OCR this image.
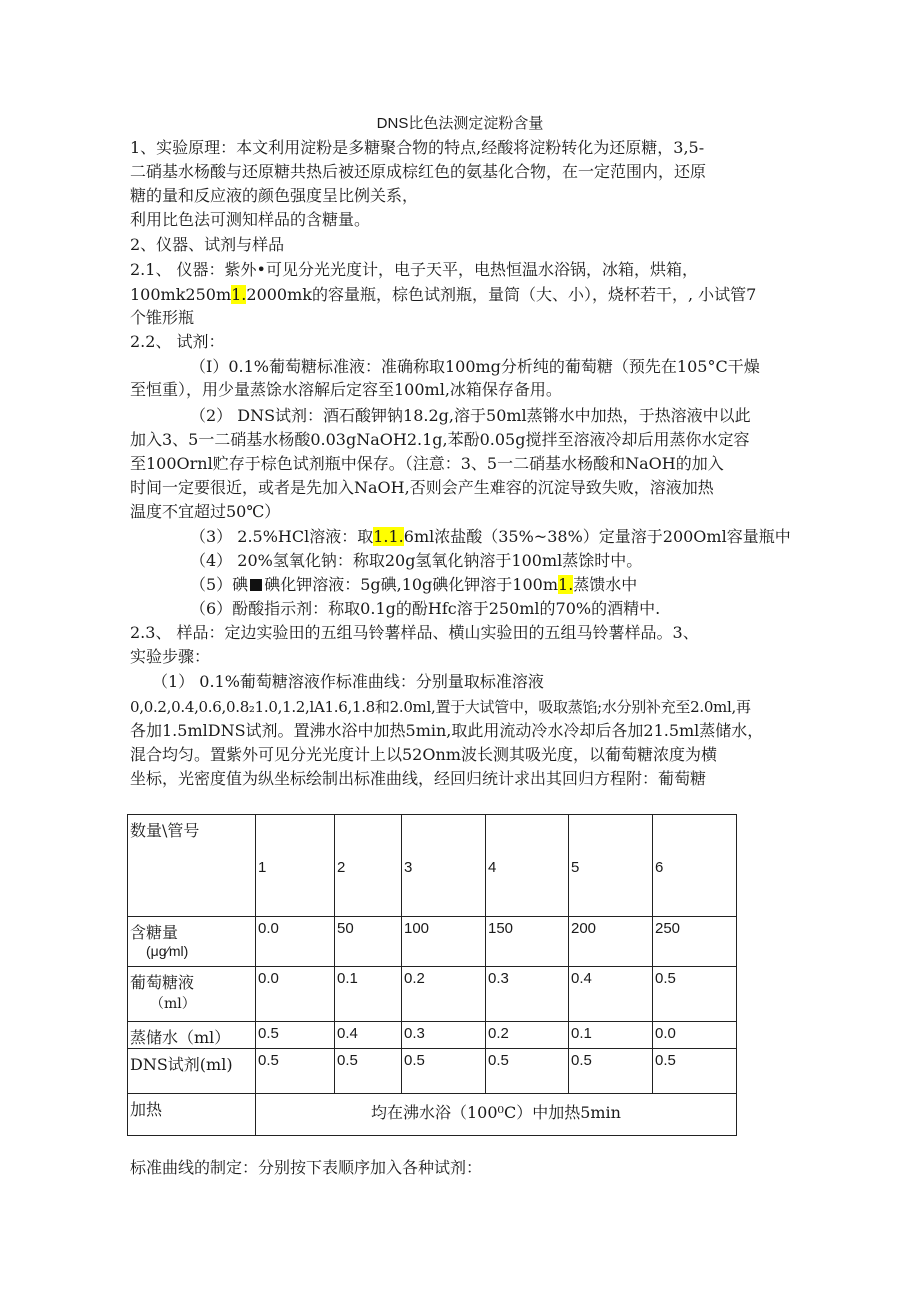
DNS比色法测定淀粉含量
1、实验原理：本文利用淀粉是多糖聚合物的特点,经酸将淀粉转化为还原糖，3,5-
二硝基水杨酸与还原糖共热后被还原成棕红色的氨基化合物，在一定范围内，还原
糖的量和反应液的颜色强度呈比例关系，
利用比色法可测知样品的含糖量。
2、仪器、试剂与样品
2.1、 仪器：紫外•可见分光光度计，电子天平，电热恒温水浴锅，冰箱，烘箱，
100mk250m1.2000mk的容量瓶，棕色试剂瓶，量筒（大、小），烧杯若干，, 小试管7
个锥形瓶
2.2、 试剂：
（I）0.1%葡萄糖标准液：准确称取100mg分析纯的葡萄糖（预先在105°C干燥
至恒重），用少量蒸馀水溶解后定容至100ml,冰箱保存备用。
（2） DNS试剂：酒石酸钾钠18.2g,溶于50ml蒸锵水中加热，于热溶液中以此
加入3、5一二硝基水杨酸0.03gNaOH2.1g,苯酚0.05g搅拌至溶液冷却后用蒸你水定容
至100Ornl贮存于棕色试剂瓶中保存。（注意：3、5一二硝基水杨酸和NaOH的加入
时间一定要很近，或者是先加入NaOH,否则会产生难容的沉淀导致失败，溶液加热
温度不宜超过50℃）
（3） 2.5%HCl溶液：取1.1.6ml浓盐酸（35%~38%）定量溶于200Oml容量瓶中
（4） 20%氢氧化钠：称取20g氢氧化钠溶于100ml蒸馀时中。
（5）碘 碘化钾溶液：5g碘,10g碘化钾溶于100m1.蒸馈水中
（6）酚酸指示剂：称取0.1g的酚Hfc溶于250ml的70%的酒精中.
2.3、 样品：定边实验田的五组马铃薯样品、横山实验田的五组马铃薯样品。3、
实验步骤：
（1） 0.1%葡萄糖溶液作标准曲线：分别量取标准溶液
0,0.2,0.4,0.6,0.8₂1.0,1.2,lA1.6,1.8和2.0ml,置于大试管中，吸取蒸馅;水分别补充至2.0ml,再
各加1.5mlDNS试剂。置沸水浴中加热5min,取此用流动冷水冷却后各加21.5ml蒸储水，
混合均匀。置紫外可见分光光度计上以52Onm波长测其吸光度，以葡萄糖浓度为横
坐标，光密度值为纵坐标绘制出标准曲线，经回归统计求出其回归方程附：葡萄糖
数量\管号	1	2	3	4	5	6
含糖量
(μg∕ml)	0.0	50	100	150	200	250
葡萄糖液
（ml）	0.0	0.1	0.2	0.3	0.4	0.5
蒸储水（ml）	0.5	0.4	0.3	0.2	0.1	0.0
DNS试剂(ml)	0.5	0.5	0.5	0.5	0.5	0.5
加热	均在沸水浴（100⁰C）中加热5min					
标准曲线的制定：分别按下表顺序加入各种试剂：
